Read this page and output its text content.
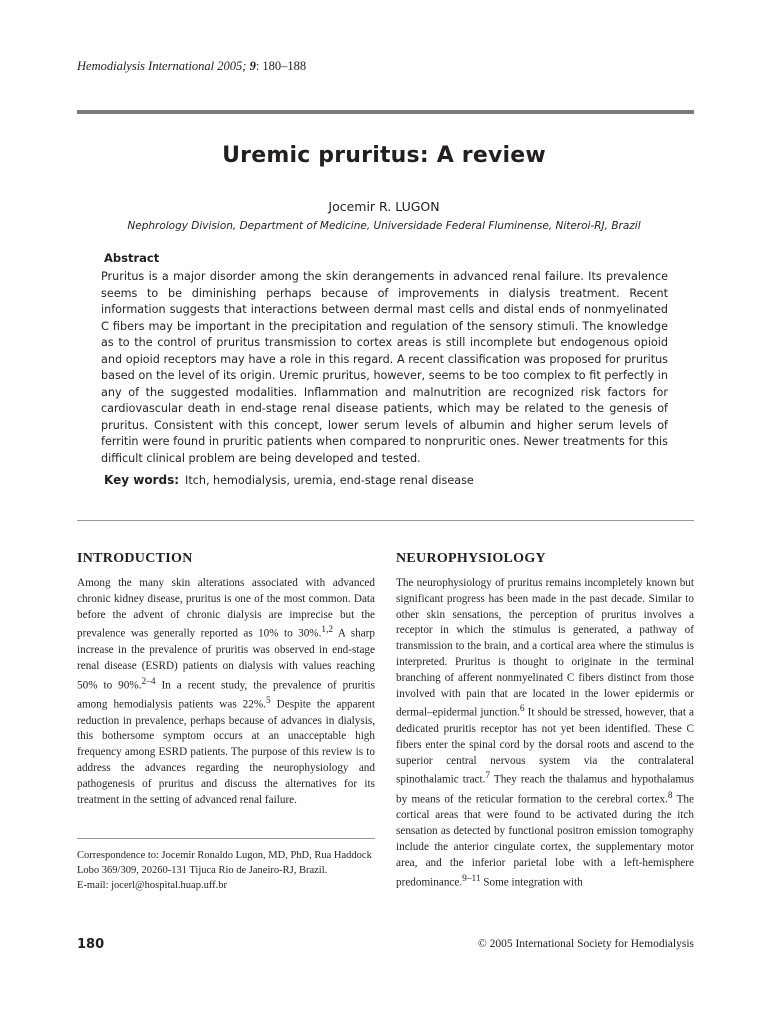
Hemodialysis International 2005; 9: 180–188
Uremic pruritus: A review
Jocemir R. LUGON
Nephrology Division, Department of Medicine, Universidade Federal Fluminense, Niteroi-RJ, Brazil
Abstract
Pruritus is a major disorder among the skin derangements in advanced renal failure. Its prevalence seems to be diminishing perhaps because of improvements in dialysis treatment. Recent information suggests that interactions between dermal mast cells and distal ends of nonmyelinated C fibers may be important in the precipitation and regulation of the sensory stimuli. The knowledge as to the control of pruritus transmission to cortex areas is still incomplete but endogenous opioid and opioid receptors may have a role in this regard. A recent classification was proposed for pruritus based on the level of its origin. Uremic pruritus, however, seems to be too complex to fit perfectly in any of the suggested modalities. Inflammation and malnutrition are recognized risk factors for cardiovascular death in end-stage renal disease patients, which may be related to the genesis of pruritus. Consistent with this concept, lower serum levels of albumin and higher serum levels of ferritin were found in pruritic patients when compared to nonpruritic ones. Newer treatments for this difficult clinical problem are being developed and tested.
Key words: Itch, hemodialysis, uremia, end-stage renal disease
INTRODUCTION
Among the many skin alterations associated with advanced chronic kidney disease, pruritus is one of the most common. Data before the advent of chronic dialysis are imprecise but the prevalence was generally reported as 10% to 30%.$^{1,2}$ A sharp increase in the prevalence of pruritis was observed in end-stage renal disease (ESRD) patients on dialysis with values reaching 50% to 90%.$^{2-4}$ In a recent study, the prevalence of pruritis among hemodialysis patients was 22%.$^5$ Despite the apparent reduction in prevalence, perhaps because of advances in dialysis, this bothersome symptom occurs at an unacceptable high frequency among ESRD patients. The purpose of this review is to address the advances regarding the neurophysiology and pathogenesis of pruritus and discuss the alternatives for its treatment in the setting of advanced renal failure.
NEUROPHYSIOLOGY
The neurophysiology of pruritus remains incompletely known but significant progress has been made in the past decade. Similar to other skin sensations, the perception of pruritus involves a receptor in which the stimulus is generated, a pathway of transmission to the brain, and a cortical area where the stimulus is interpreted. Pruritus is thought to originate in the terminal branching of afferent nonmyelinated C fibers distinct from those involved with pain that are located in the lower epidermis or dermal–epidermal junction.$^6$ It should be stressed, however, that a dedicated pruritis receptor has not yet been identified. These C fibers enter the spinal cord by the dorsal roots and ascend to the superior central nervous system via the contralateral spinothalamic tract.$^7$ They reach the thalamus and hypothalamus by means of the reticular formation to the cerebral cortex.$^8$ The cortical areas that were found to be activated during the itch sensation as detected by functional positron emission tomography include the anterior cingulate cortex, the supplementary motor area, and the inferior parietal lobe with a left-hemisphere predominance.$^{9-11}$ Some integration with
Correspondence to: Jocemir Ronaldo Lugon, MD, PhD, Rua Haddock Lobo 369/309, 20260-131 Tijuca Rio de Janeiro-RJ, Brazil.
E-mail: jocerl@hospital.huap.uff.br
180	© 2005 International Society for Hemodialysis
